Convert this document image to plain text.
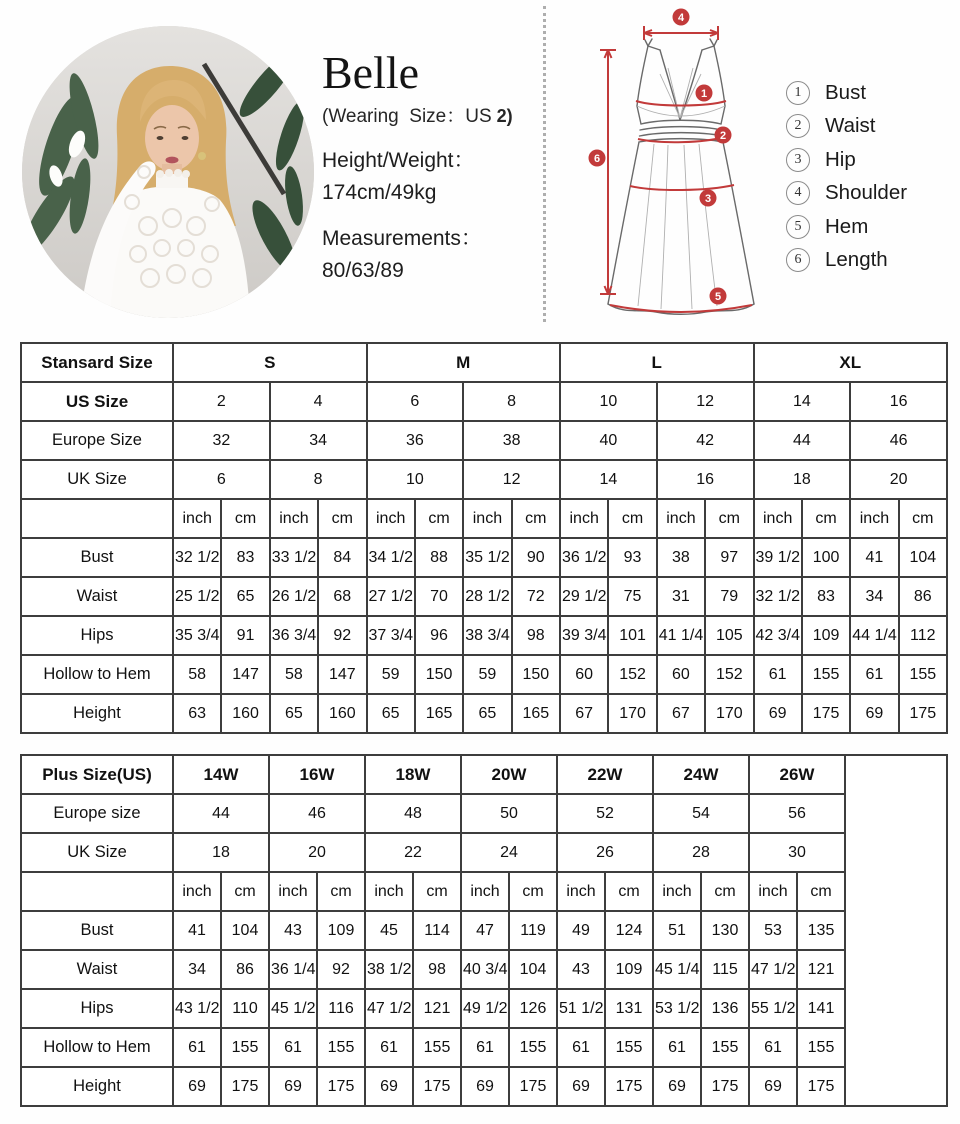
Belle
(Wearing  Size：US 2)
Height/Weight：
174cm/49kg
Measurements：
80/63/89
4
6
1
2
3
5
1	Bust
2	Waist
3	Hip
4	Shoulder
5	Hem
6	Length
Stansard Size	S				M				L				XL			
US Size	2		4		6		8		10		12		14		16	
Europe Size	32		34		36		38		40		42		44		46	
UK Size	6		8		10		12		14		16		18		20	
	inch	cm	inch	cm	inch	cm	inch	cm	inch	cm	inch	cm	inch	cm	inch	cm
Bust	32 1/2	83	33 1/2	84	34 1/2	88	35 1/2	90	36 1/2	93	38	97	39 1/2	100	41	104
Waist	25 1/2	65	26 1/2	68	27 1/2	70	28 1/2	72	29 1/2	75	31	79	32 1/2	83	34	86
Hips	35 3/4	91	36 3/4	92	37 3/4	96	38 3/4	98	39 3/4	101	41 1/4	105	42 3/4	109	44 1/4	112
Hollow to Hem	58	147	58	147	59	150	59	150	60	152	60	152	61	155	61	155
Height	63	160	65	160	65	165	65	165	67	170	67	170	69	175	69	175
Plus Size(US)	14W		16W		18W		20W		22W		24W		26W		
Europe size	44		46		48		50		52		54		56		
UK Size	18		20		22		24		26		28		30		
	inch	cm	inch	cm	inch	cm	inch	cm	inch	cm	inch	cm	inch	cm	
Bust	41	104	43	109	45	114	47	119	49	124	51	130	53	135	
Waist	34	86	36 1/4	92	38 1/2	98	40 3/4	104	43	109	45 1/4	115	47 1/2	121	
Hips	43 1/2	110	45 1/2	116	47 1/2	121	49 1/2	126	51 1/2	131	53 1/2	136	55 1/2	141	
Hollow to Hem	61	155	61	155	61	155	61	155	61	155	61	155	61	155	
Height	69	175	69	175	69	175	69	175	69	175	69	175	69	175	
